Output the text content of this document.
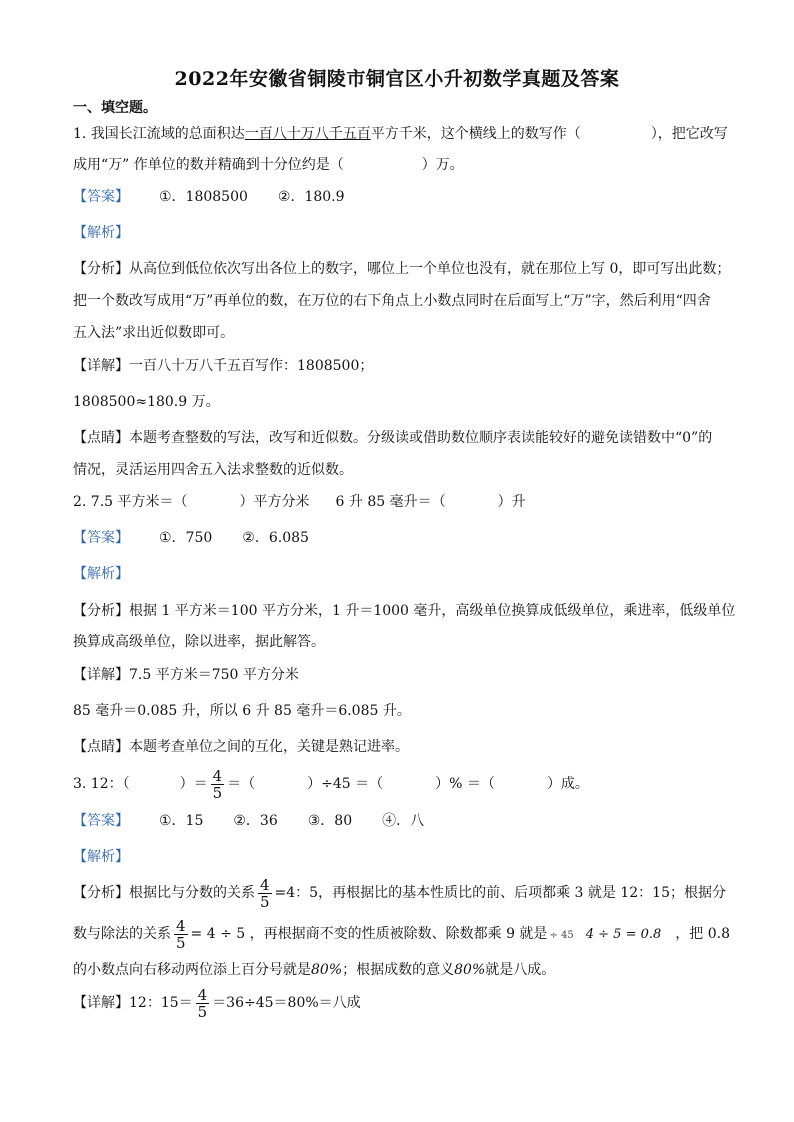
2022年安徽省铜陵市铜官区小升初数学真题及答案
一、填空题。
1. 我国长江流域的总面积达一百八十万八千五百平方千米，这个横线上的数写作（	），把它改写
成用“万” 作单位的数并精确到十分位约是（	）万。
【答案】 ①．1808500 ②．180.9
【解析】
【分析】从高位到低位依次写出各位上的数字，哪位上一个单位也没有，就在那位上写 0，即可写出此数；
把一个数改写成用“万”再单位的数，在万位的右下角点上小数点同时在后面写上“万”字，然后利用“四舍
五入法”求出近似数即可。
【详解】一百八十万八千五百写作：1808500；
1808500≈180.9 万。
【点睛】本题考查整数的写法，改写和近似数。分级读或借助数位顺序表读能较好的避免读错数中“0”的
情况，灵活运用四舍五入法求整数的近似数。
2. 7.5 平方米＝（	）平方分米 6 升 85 毫升＝（	）升
【答案】 ①．750 ②．6.085
【解析】
【分析】根据 1 平方米＝100 平方分米，1 升＝1000 毫升，高级单位换算成低级单位，乘进率，低级单位
换算成高级单位，除以进率，据此解答。
【详解】7.5 平方米＝750 平方分米
85 毫升＝0.085 升，所以 6 升 85 毫升＝6.085 升。
【点睛】本题考查单位之间的互化，关键是熟记进率。
3. 12：（	）＝ $\frac{4}{5}$ ＝（	）÷45 ＝（	）% ＝（	）成。
【答案】 ①．15 ②．36 ③．80 ④．八
【解析】
【分析】根据比与分数的关系 $\frac{4}{5} =4$：5，再根据比的基本性质比的前、后项都乘 3 就是 12：15；根据分
数与除法的关系 $\frac{4}{5} = 4 \div 5$ ，再根据商不变的性质被除数、除数都乘 9 就是 ÷ 45 4 ÷ 5 = 0.8 ，把 0.8
的小数点向右移动两位添上百分号就是80%；根据成数的意义80%就是八成。
【详解】12：$15= \frac{4}{5} =36\div 45=80\%=$八成
